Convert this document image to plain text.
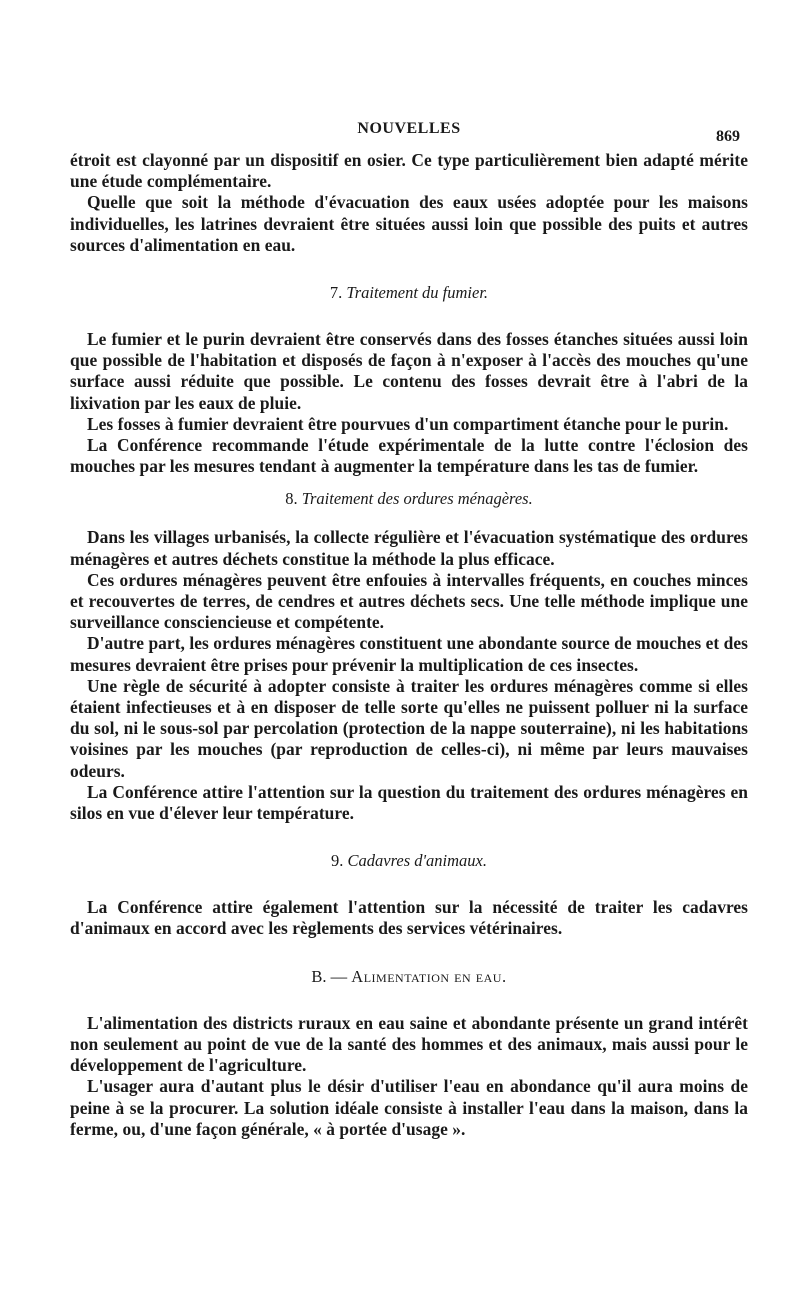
NOUVELLES	869

étroit est clayonné par un dispositif en osier. Ce type particulièrement bien adapté mérite une étude complémentaire.

Quelle que soit la méthode d'évacuation des eaux usées adoptée pour les maisons individuelles, les latrines devraient être situées aussi loin que possible des puits et autres sources d'alimentation en eau.

7. Traitement du fumier.

Le fumier et le purin devraient être conservés dans des fosses étanches situées aussi loin que possible de l'habitation et disposés de façon à n'exposer à l'accès des mouches qu'une surface aussi réduite que possible. Le contenu des fosses devrait être à l'abri de la lixivation par les eaux de pluie.

Les fosses à fumier devraient être pourvues d'un compartiment étanche pour le purin.

La Conférence recommande l'étude expérimentale de la lutte contre l'éclosion des mouches par les mesures tendant à augmenter la température dans les tas de fumier.

8. Traitement des ordures ménagères.

Dans les villages urbanisés, la collecte régulière et l'évacuation systématique des ordures ménagères et autres déchets constitue la méthode la plus efficace.

Ces ordures ménagères peuvent être enfouies à intervalles fréquents, en couches minces et recouvertes de terres, de cendres et autres déchets secs. Une telle méthode implique une surveillance consciencieuse et compétente.

D'autre part, les ordures ménagères constituent une abondante source de mouches et des mesures devraient être prises pour prévenir la multiplication de ces insectes.

Une règle de sécurité à adopter consiste à traiter les ordures ménagères comme si elles étaient infectieuses et à en disposer de telle sorte qu'elles ne puissent polluer ni la surface du sol, ni le sous-sol par percolation (protection de la nappe souterraine), ni les habitations voisines par les mouches (par reproduction de celles-ci), ni même par leurs mauvaises odeurs.

La Conférence attire l'attention sur la question du traitement des ordures ménagères en silos en vue d'élever leur température.

9. Cadavres d'animaux.

La Conférence attire également l'attention sur la nécessité de traiter les cadavres d'animaux en accord avec les règlements des services vétérinaires.

B. — Alimentation en eau.

L'alimentation des districts ruraux en eau saine et abondante présente un grand intérêt non seulement au point de vue de la santé des hommes et des animaux, mais aussi pour le développement de l'agriculture.

L'usager aura d'autant plus le désir d'utiliser l'eau en abondance qu'il aura moins de peine à se la procurer. La solution idéale consiste à installer l'eau dans la maison, dans la ferme, ou, d'une façon générale, « à portée d'usage ».
